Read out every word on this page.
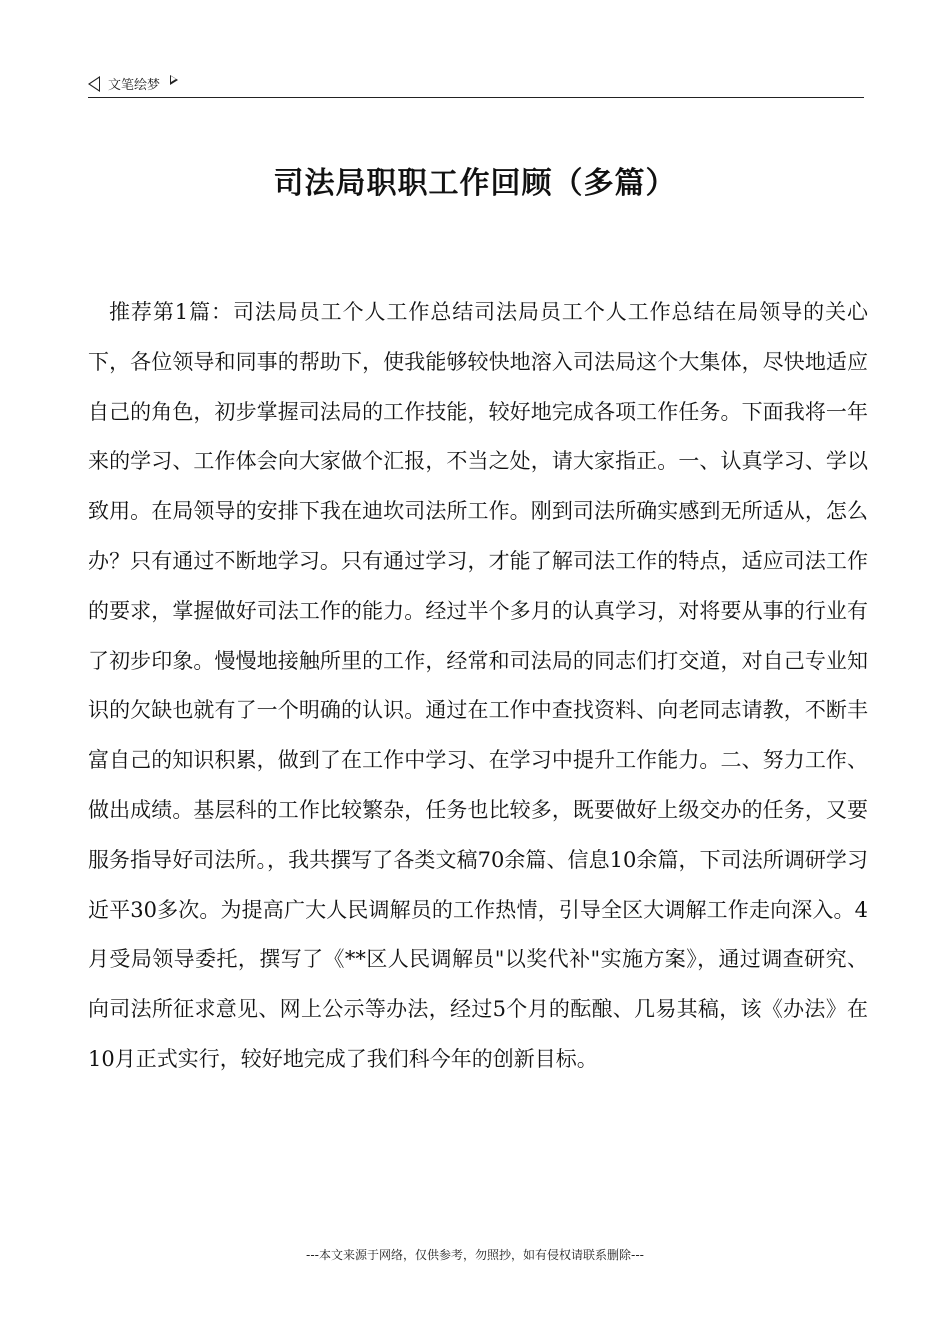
文笔绘梦
司法局职职工作回顾（多篇）
推荐第1篇：司法局员工个人工作总结司法局员工个人工作总结在局领导的关心下，各位领导和同事的帮助下，使我能够较快地溶入司法局这个大集体，尽快地适应自己的角色，初步掌握司法局的工作技能，较好地完成各项工作任务。下面我将一年来的学习、工作体会向大家做个汇报，不当之处，请大家指正。一、认真学习、学以致用。在局领导的安排下我在迪坎司法所工作。刚到司法所确实感到无所适从，怎么办？只有通过不断地学习。只有通过学习，才能了解司法工作的特点，适应司法工作的要求，掌握做好司法工作的能力。经过半个多月的认真学习，对将要从事的行业有了初步印象。慢慢地接触所里的工作，经常和司法局的同志们打交道，对自己专业知识的欠缺也就有了一个明确的认识。通过在工作中查找资料、向老同志请教，不断丰富自己的知识积累，做到了在工作中学习、在学习中提升工作能力。二、努力工作、做出成绩。基层科的工作比较繁杂，任务也比较多，既要做好上级交办的任务，又要服务指导好司法所。，我共撰写了各类文稿70余篇、信息10余篇，下司法所调研学习近平30多次。为提高广大人民调解员的工作热情，引导全区大调解工作走向深入。4月受局领导委托，撰写了《**区人民调解员"以奖代补"实施方案》，通过调查研究、向司法所征求意见、网上公示等办法，经过5个月的酝酿、几易其稿，该《办法》在10月正式实行，较好地完成了我们科今年的创新目标。
---本文来源于网络，仅供参考，勿照抄，如有侵权请联系删除---
